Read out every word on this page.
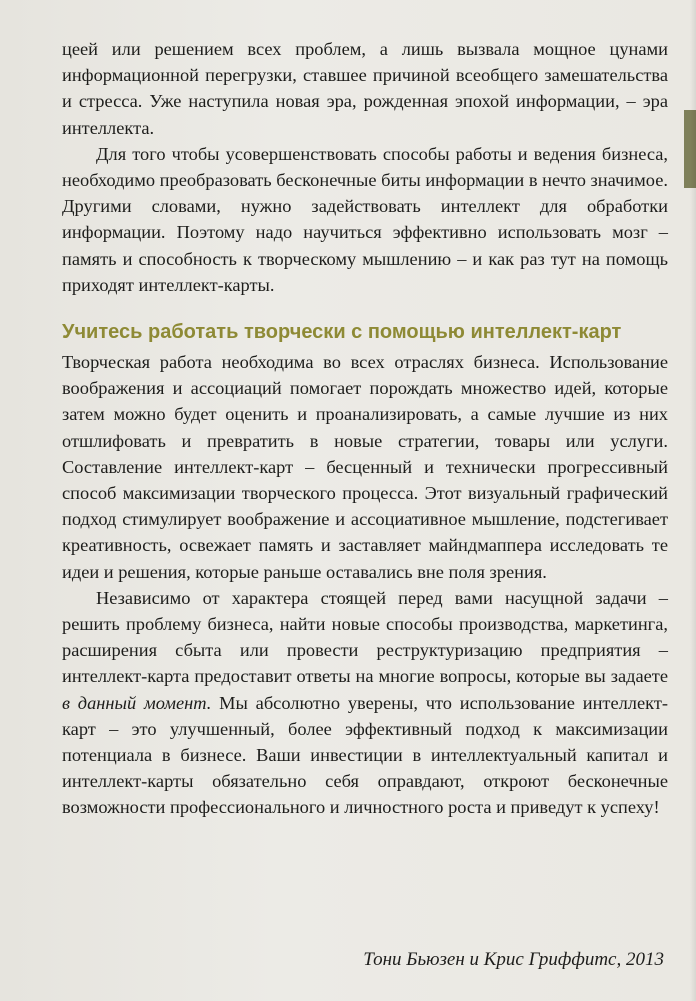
цеей или решением всех проблем, а лишь вызвала мощное цунами информационной перегрузки, ставшее причиной всеобщего замешательства и стресса. Уже наступила новая эра, рожденная эпохой информации, – эра интеллекта.

Для того чтобы усовершенствовать способы работы и ведения бизнеса, необходимо преобразовать бесконечные биты информации в нечто значимое. Другими словами, нужно задействовать интеллект для обработки информации. Поэтому надо научиться эффективно использовать мозг – память и способность к творческому мышлению – и как раз тут на помощь приходят интеллект-карты.

Учитесь работать творчески с помощью интеллект-карт

Творческая работа необходима во всех отраслях бизнеса. Использование воображения и ассоциаций помогает порождать множество идей, которые затем можно будет оценить и проанализировать, а самые лучшие из них отшлифовать и превратить в новые стратегии, товары или услуги. Составление интеллект-карт – бесценный и технически прогрессивный способ максимизации творческого процесса. Этот визуальный графический подход стимулирует воображение и ассоциативное мышление, подстегивает креативность, освежает память и заставляет майндмаппера исследовать те идеи и решения, которые раньше оставались вне поля зрения.

Независимо от характера стоящей перед вами насущной задачи – решить проблему бизнеса, найти новые способы производства, маркетинга, расширения сбыта или провести реструктуризацию предприятия – интеллект-карта предоставит ответы на многие вопросы, которые вы задаете в данный момент. Мы абсолютно уверены, что использование интеллект-карт – это улучшенный, более эффективный подход к максимизации потенциала в бизнесе. Ваши инвестиции в интеллектуальный капитал и интеллект-карты обязательно себя оправдают, откроют бесконечные возможности профессионального и личностного роста и приведут к успеху!

Тони Бьюзен и Крис Гриффитс, 2013
